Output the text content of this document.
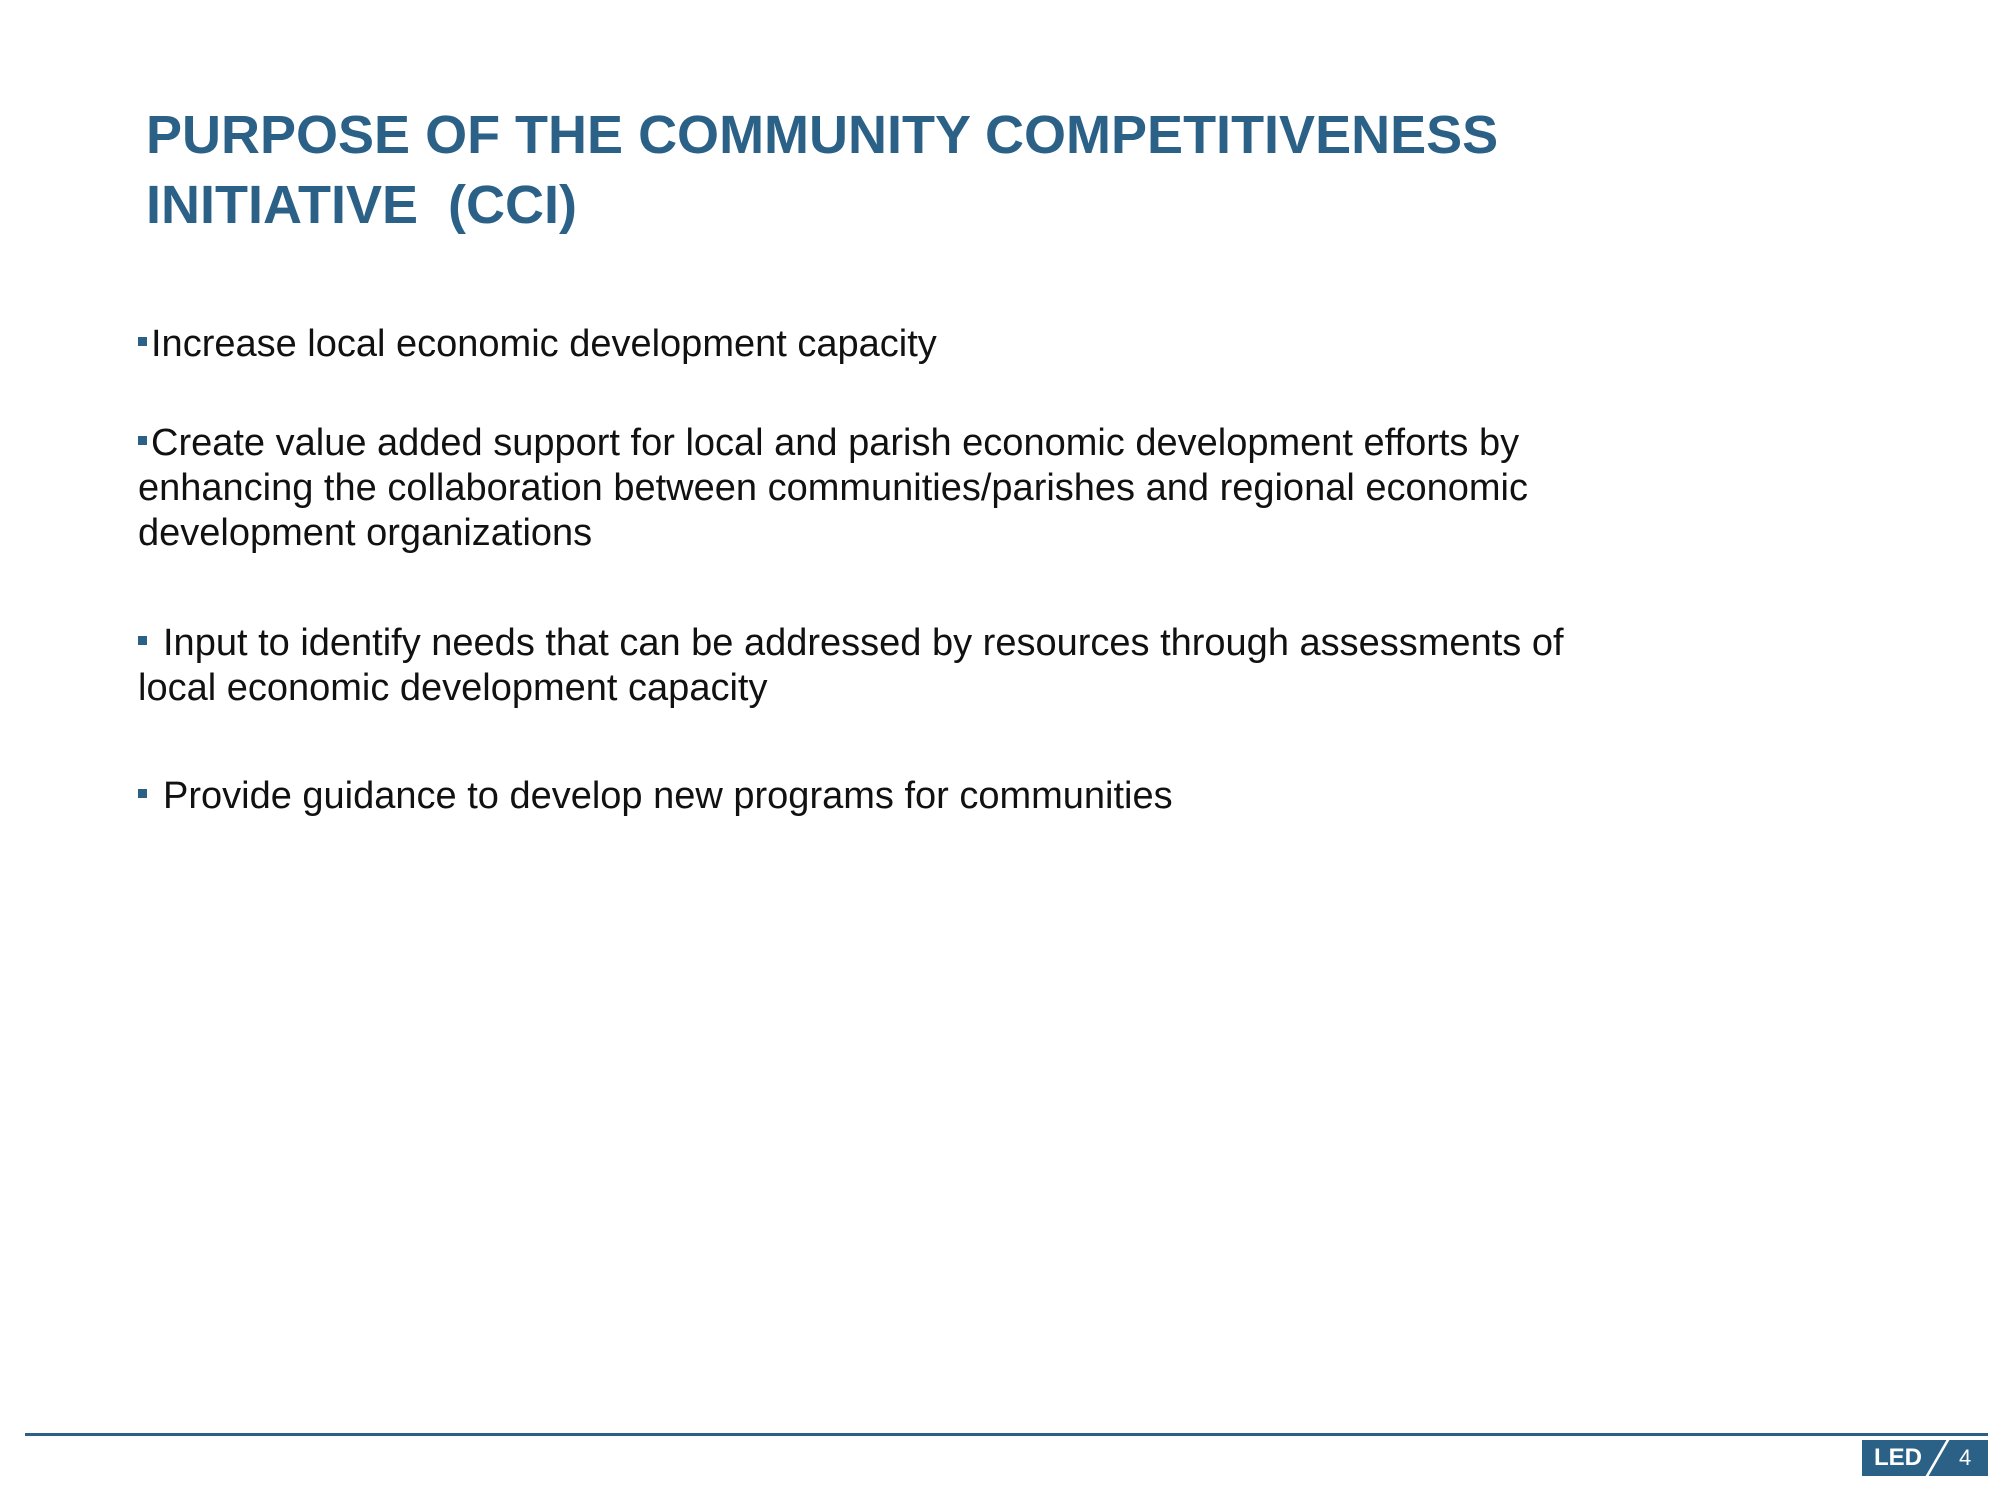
PURPOSE OF THE COMMUNITY COMPETITIVENESS
INITIATIVE  (CCI)
Increase local economic development capacity
Create value added support for local and parish economic development efforts by
enhancing the collaboration between communities/parishes and regional economic
development organizations
Input to identify needs that can be addressed by resources through assessments of
local economic development capacity
Provide guidance to develop new programs for communities
LED 4
